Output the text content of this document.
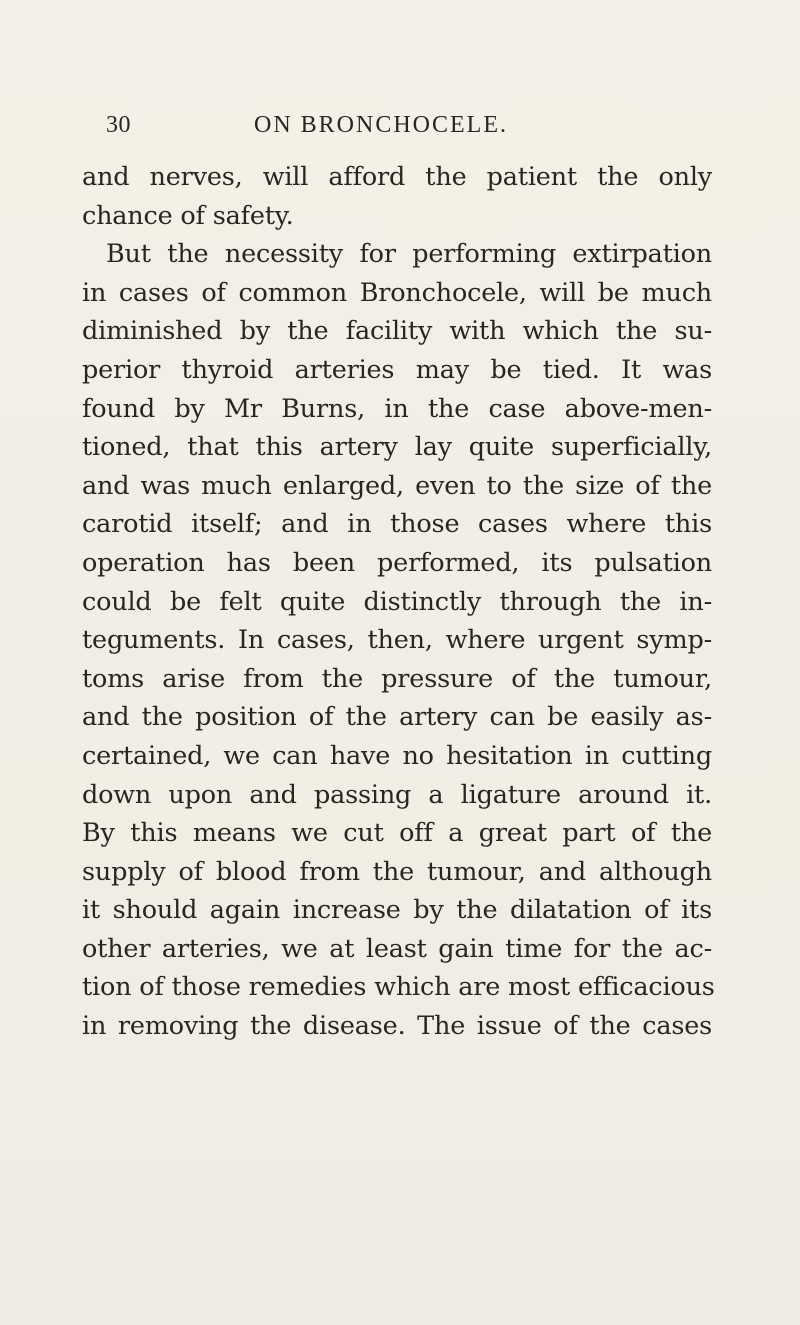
30	ON BRONCHOCELE.
and nerves, will afford the patient the only
chance of safety.
But the necessity for performing extirpation
in cases of common Bronchocele, will be much
diminished by the facility with which the su-
perior thyroid arteries may be tied. It was
found by Mr Burns, in the case above-men-
tioned, that this artery lay quite superficially,
and was much enlarged, even to the size of the
carotid itself; and in those cases where this
operation has been performed, its pulsation
could be felt quite distinctly through the in-
teguments. In cases, then, where urgent symp-
toms arise from the pressure of the tumour,
and the position of the artery can be easily as-
certained, we can have no hesitation in cutting
down upon and passing a ligature around it.
By this means we cut off a great part of the
supply of blood from the tumour, and although
it should again increase by the dilatation of its
other arteries, we at least gain time for the ac-
tion of those remedies which are most efficacious
in removing the disease. The issue of the cases
